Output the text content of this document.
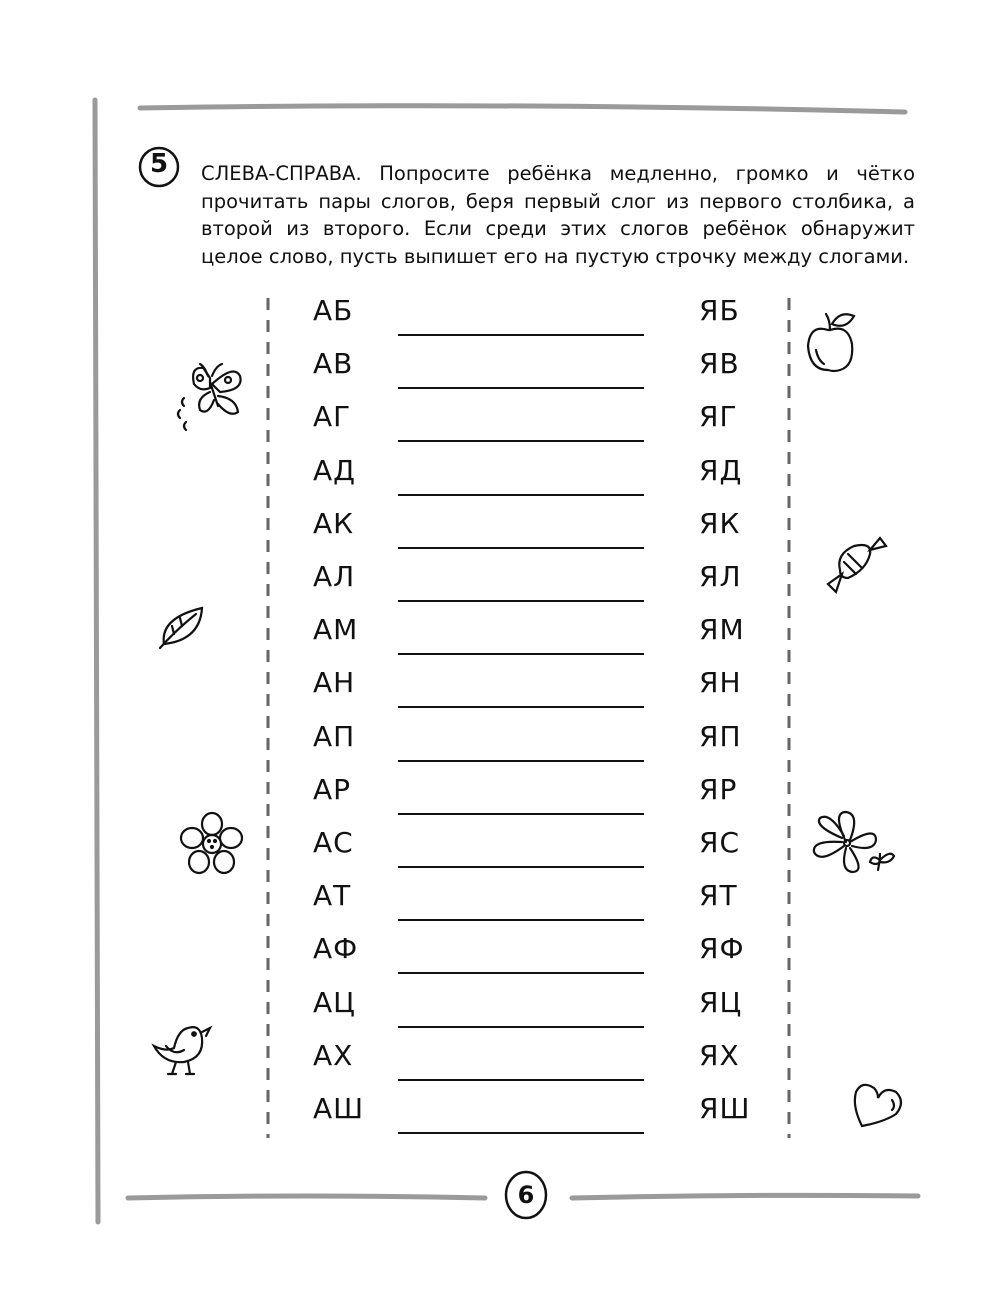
5	СЛЕВА-СПРАВА. Попросите ребёнка медленно, громко и чётко прочитать пары слогов, беря первый слог из первого столбика, а второй из второго. Если среди этих слогов ребёнок обнаружит целое слово, пусть выпишет его на пустую строчку между слогами.
АБ	ЯБ
АВ	ЯВ
АГ	ЯГ
АД	ЯД
АК	ЯК
АЛ	ЯЛ
АМ	ЯМ
АН	ЯН
АП	ЯП
АР	ЯР
АС	ЯС
АТ	ЯТ
АФ	ЯФ
АЦ	ЯЦ
АХ	ЯХ
АШ	ЯШ
6
